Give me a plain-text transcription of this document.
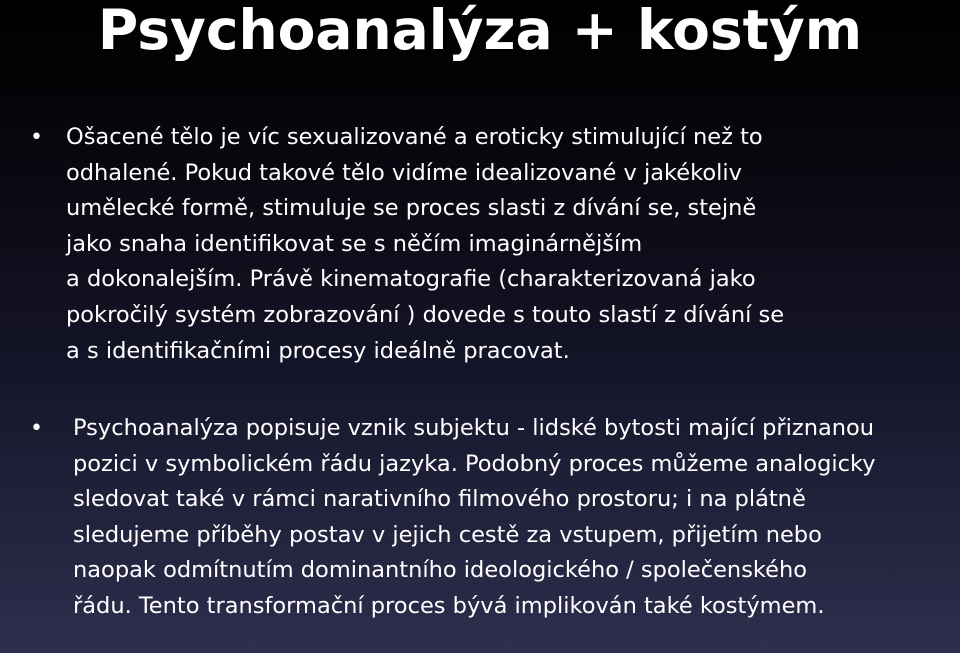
Psychoanalýza + kostým
• Ošacené tělo je víc sexualizované a eroticky stimulující než to
odhalené. Pokud takové tělo vidíme idealizované v jakékoliv
umělecké formě, stimuluje se proces slasti z dívání se, stejně
jako snaha identifikovat se s něčím imaginárnějším
a dokonalejším. Právě kinematografie (charakterizovaná jako
pokročilý systém zobrazování ) dovede s touto slastí z dívání se
a s identifikačními procesy ideálně pracovat.

• Psychoanalýza popisuje vznik subjektu - lidské bytosti mající přiznanou
pozici v symbolickém řádu jazyka. Podobný proces můžeme analogicky
sledovat také v rámci narativního filmového prostoru; i na plátně
sledujeme příběhy postav v jejich cestě za vstupem, přijetím nebo
naopak odmítnutím dominantního ideologického / společenského
řádu. Tento transformační proces bývá implikován také kostýmem.
